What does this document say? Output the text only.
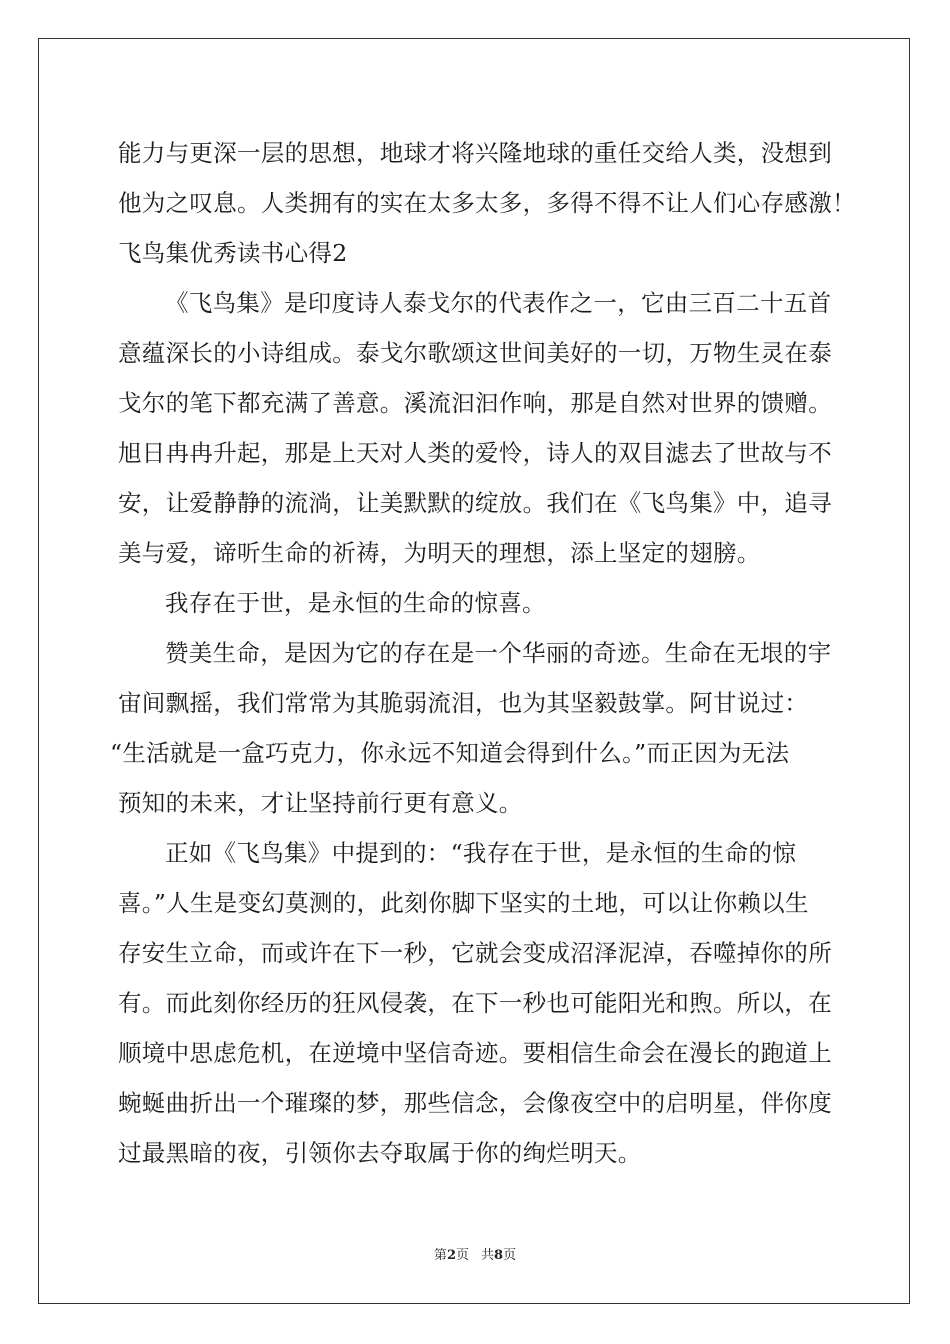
能力与更深一层的思想，地球才将兴隆地球的重任交给人类，没想到
他为之叹息。人类拥有的实在太多太多，多得不得不让人们心存感激！
飞鸟集优秀读书心得2
《飞鸟集》是印度诗人泰戈尔的代表作之一，它由三百二十五首
意蕴深长的小诗组成。泰戈尔歌颂这世间美好的一切，万物生灵在泰
戈尔的笔下都充满了善意。溪流汩汩作响，那是自然对世界的馈赠。
旭日冉冉升起，那是上天对人类的爱怜，诗人的双目滤去了世故与不
安，让爱静静的流淌，让美默默的绽放。我们在《飞鸟集》中，追寻
美与爱，谛听生命的祈祷，为明天的理想，添上坚定的翅膀。
我存在于世，是永恒的生命的惊喜。
赞美生命，是因为它的存在是一个华丽的奇迹。生命在无垠的宇
宙间飘摇，我们常常为其脆弱流泪，也为其坚毅鼓掌。阿甘说过：
“生活就是一盒巧克力，你永远不知道会得到什么。”而正因为无法
预知的未来，才让坚持前行更有意义。
正如《飞鸟集》中提到的：“我存在于世，是永恒的生命的惊
喜。”人生是变幻莫测的，此刻你脚下坚实的土地，可以让你赖以生
存安生立命，而或许在下一秒，它就会变成沼泽泥淖，吞噬掉你的所
有。而此刻你经历的狂风侵袭，在下一秒也可能阳光和煦。所以，在
顺境中思虑危机，在逆境中坚信奇迹。要相信生命会在漫长的跑道上
蜿蜒曲折出一个璀璨的梦，那些信念，会像夜空中的启明星，伴你度
过最黑暗的夜，引领你去夺取属于你的绚烂明天。
第2页 共8页
